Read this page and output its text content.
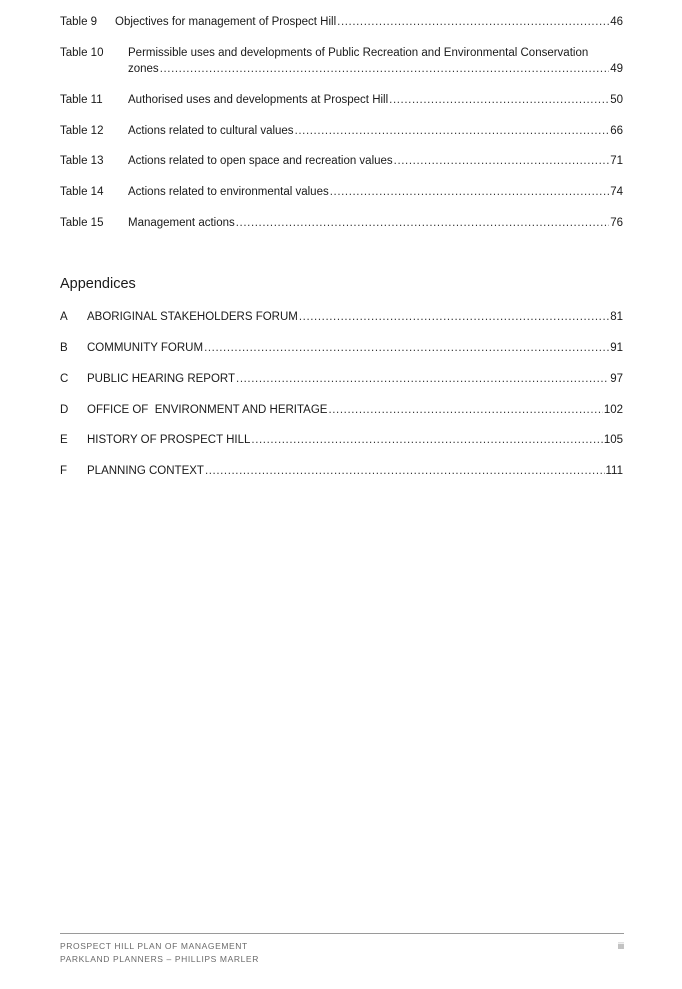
Table 9 Objectives for management of Prospect Hill .....	46
Table 10 Permissible uses and developments of Public Recreation and Environmental Conservation
zones .....	49
Table 11 Authorised uses and developments at Prospect Hill .....	50
Table 12 Actions related to cultural values .....	66
Table 13 Actions related to open space and recreation values .....	71
Table 14 Actions related to environmental values .....	74
Table 15 Management actions .....	76
Appendices
A ABORIGINAL STAKEHOLDERS FORUM .....	81
B COMMUNITY FORUM .....	91
C PUBLIC HEARING REPORT .....	97
D OFFICE OF  ENVIRONMENT AND HERITAGE .....	102
E HISTORY OF PROSPECT HILL .....	105
F PLANNING CONTEXT .....	111
PROSPECT HILL PLAN OF MANAGEMENT
PARKLAND PLANNERS – PHILLIPS MARLER
iii
